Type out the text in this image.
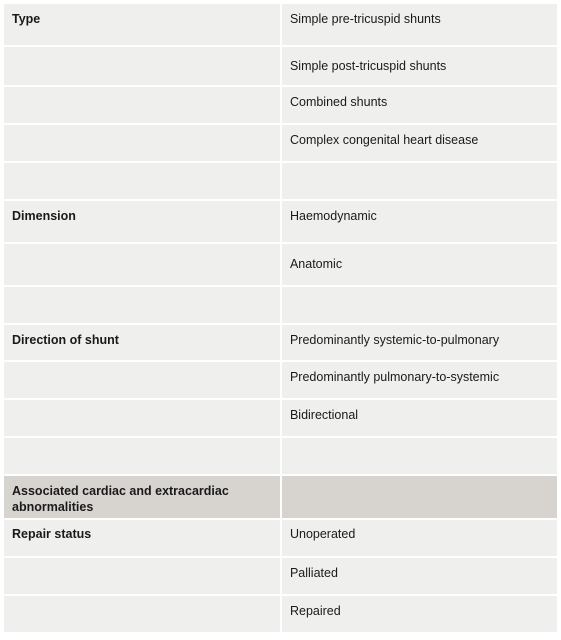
Type	Simple pre-tricuspid shunts
	Simple post-tricuspid shunts
	Combined shunts
	Complex congenital heart disease

Dimension	Haemodynamic
	Anatomic

Direction of shunt	Predominantly systemic-to-pulmonary
	Predominantly pulmonary-to-systemic
	Bidirectional

Associated cardiac and extracardiac abnormalities	
Repair status	Unoperated
	Palliated
	Repaired
